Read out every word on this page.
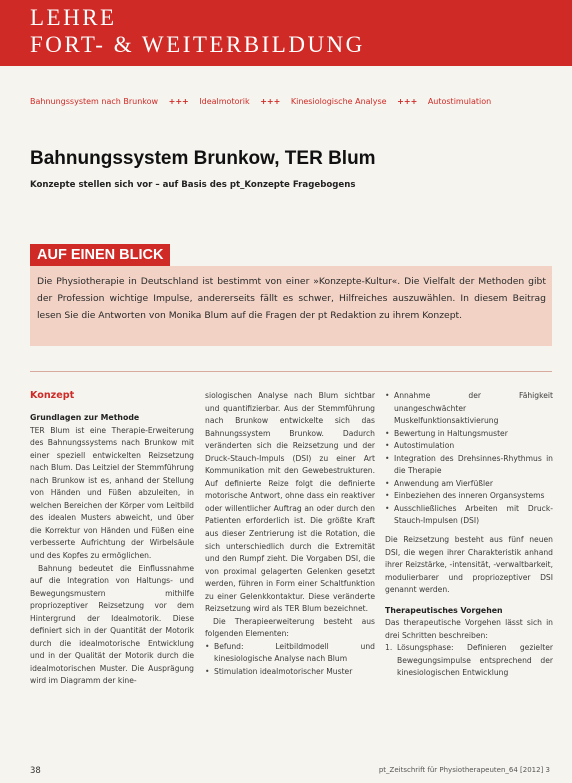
LEHRE
FORT- & WEITERBILDUNG
Bahnungssystem nach Brunkow +++ Idealmotorik +++ Kinesiologische Analyse +++ Autostimulation
Bahnungssystem Brunkow, TER Blum
Konzepte stellen sich vor – auf Basis des pt_Konzepte Fragebogens
AUF EINEN BLICK

Die Physiotherapie in Deutschland ist bestimmt von einer »Konzepte-Kultur«. Die Vielfalt der Methoden gibt der Profession wichtige Impulse, andererseits fällt es schwer, Hilfreiches auszuwählen. In diesem Beitrag lesen Sie die Antworten von Monika Blum auf die Fragen der pt Redaktion zu ihrem Konzept.

Konzept
Grundlagen zur Methode

TER Blum ist eine Therapie-Erweiterung des Bahnungssystems nach Brunkow mit einer speziell entwickelten Reizsetzung nach Blum. Das Leitziel der Stemmführung nach Brunkow ist es, anhand der Stellung von Händen und Füßen abzuleiten, in welchen Bereichen der Körper vom Leitbild des idealen Musters abweicht, und über die Korrektur von Händen und Füßen eine verbesserte Aufrichtung der Wirbelsäule und des Kopfes zu ermöglichen.

Bahnung bedeutet die Einflussnahme auf die Integration von Haltungs- und Bewegungsmustern mithilfe propriozeptiver Reizsetzung vor dem Hintergrund der Idealmotorik. Diese definiert sich in der Quantität der Motorik durch die idealmotorische Entwicklung und in der Qualität der Motorik durch die idealmotorischen Muster. Die Ausprägung wird im Diagramm der kine-

siologischen Analyse nach Blum sichtbar und quantifizierbar. Aus der Stemmführung nach Brunkow entwickelte sich das Bahnungssystem Brunkow. Dadurch veränderten sich die Reizsetzung und der Druck-Stauch-Impuls (DSI) zu einer Art Kommunikation mit den Gewebestrukturen. Auf definierte Reize folgt die definierte motorische Antwort, ohne dass ein reaktiver oder willentlicher Auftrag an oder durch den Patienten erforderlich ist. Die größte Kraft aus dieser Zentrierung ist die Rotation, die sich unterschiedlich durch die Extremität und den Rumpf zieht. Die Vorgaben DSI, die von proximal gelagerten Gelenken gesetzt werden, führen in Form einer Schaltfunktion zu einer Gelenkkontaktur. Diese veränderte Reizsetzung wird als TER Blum bezeichnet.

Die Therapieerweiterung besteht aus folgenden Elementen:

• Befund: Leitbildmodell und kinesiologische Analyse nach Blum
• Stimulation idealmotorischer Muster
• Annahme der Fähigkeit unangeschwächter Muskelfunktionsaktivierung
• Bewertung in Haltungsmuster
• Autostimulation
• Integration des Drehsinnes-Rhythmus in die Therapie
• Anwendung am Vierfüßler
• Einbeziehen des inneren Organsystems
• Ausschließliches Arbeiten mit Druck-Stauch-Impulsen (DSI)

Die Reizsetzung besteht aus fünf neuen DSI, die wegen ihrer Charakteristik anhand ihrer Reizstärke, -intensität, -verwaltbarkeit, modulierbarer und propriozeptiver DSI genannt werden.

Therapeutisches Vorgehen

Das therapeutische Vorgehen lässt sich in drei Schritten beschreiben:

1. Lösungsphase: Definieren gezielter Bewegungsimpulse entsprechend der kinesiologischen Entwicklung
38	pt_Zeitschrift für Physiotherapeuten_64 [2012] 3
